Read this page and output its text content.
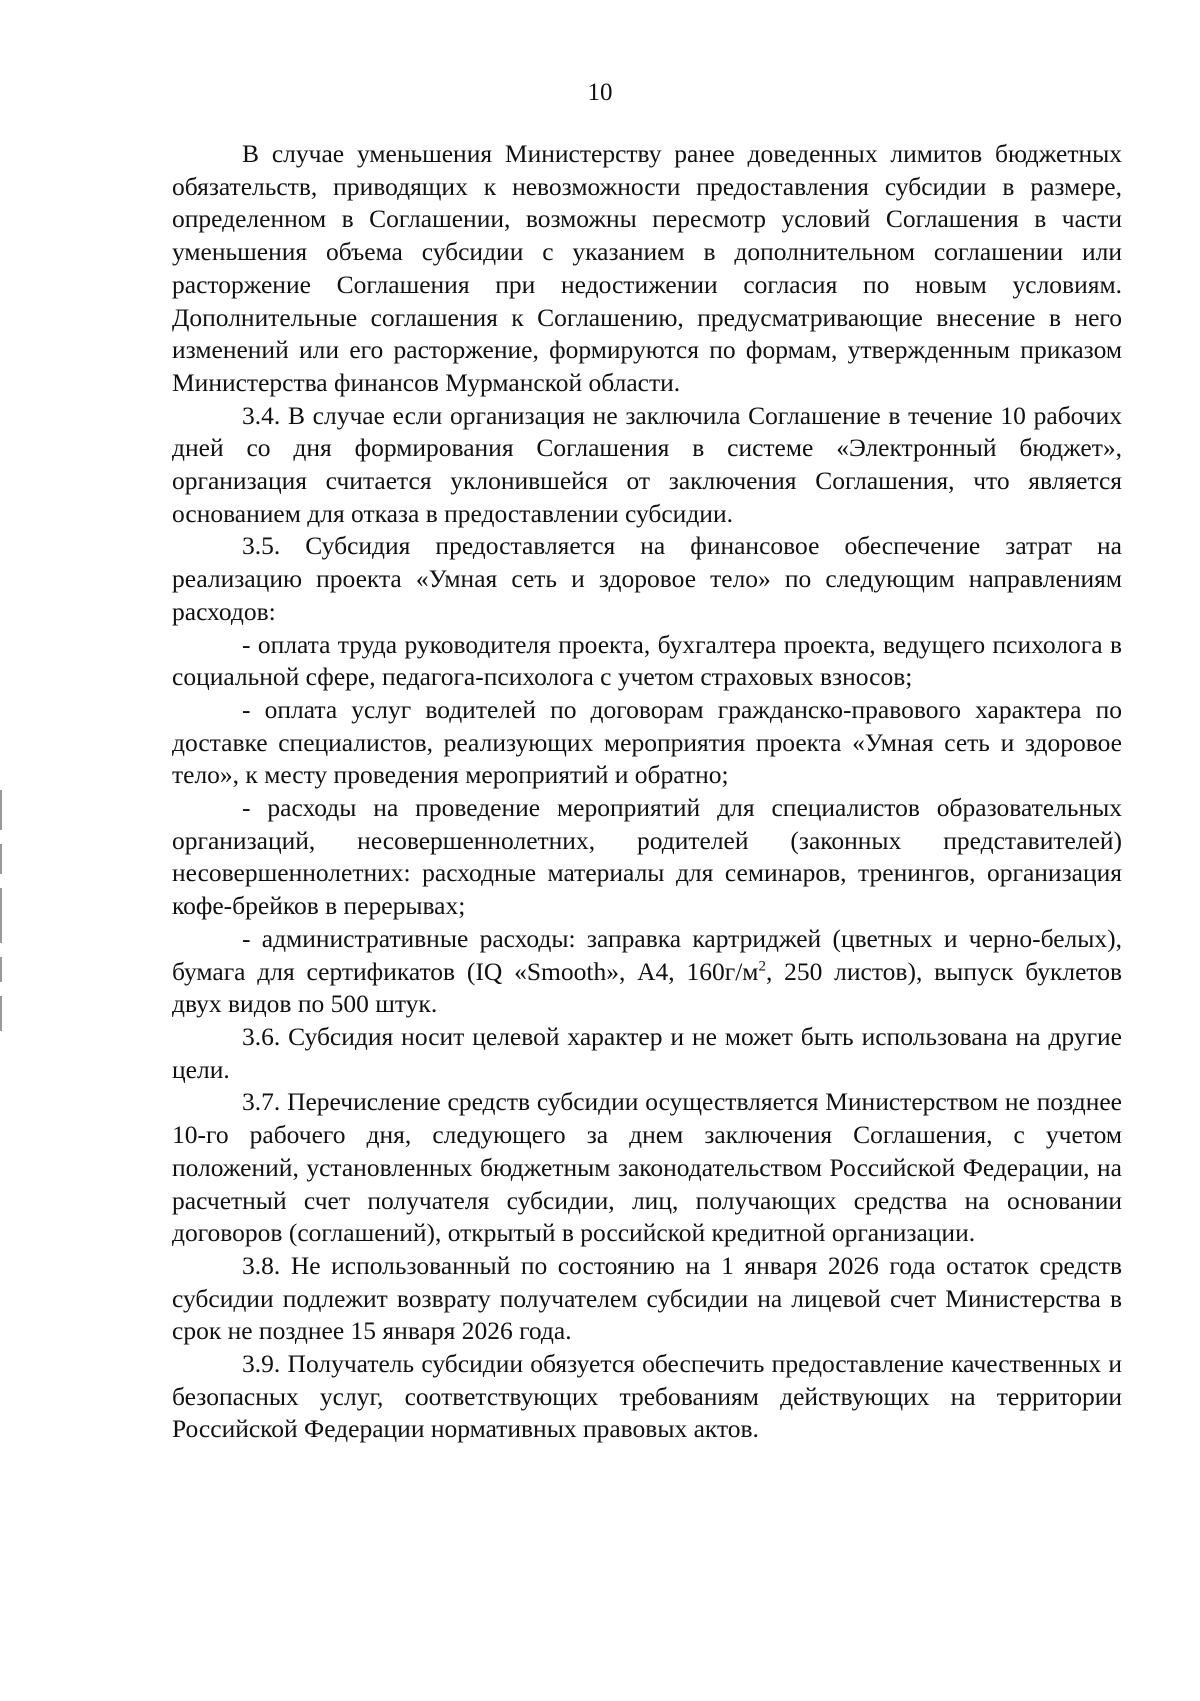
10

В случае уменьшения Министерству ранее доведенных лимитов бюджетных обязательств, приводящих к невозможности предоставления субсидии в размере, определенном в Соглашении, возможны пересмотр условий Соглашения в части уменьшения объема субсидии с указанием в дополнительном соглашении или расторжение Соглашения при недостижении согласия по новым условиям. Дополнительные соглашения к Соглашению, предусматривающие внесение в него изменений или его расторжение, формируются по формам, утвержденным приказом Министерства финансов Мурманской области.

3.4. В случае если организация не заключила Соглашение в течение 10 рабочих дней со дня формирования Соглашения в системе «Электронный бюджет», организация считается уклонившейся от заключения Соглашения, что является основанием для отказа в предоставлении субсидии.

3.5. Субсидия предоставляется на финансовое обеспечение затрат на реализацию проекта «Умная сеть и здоровое тело» по следующим направлениям расходов:

- оплата труда руководителя проекта, бухгалтера проекта, ведущего психолога в социальной сфере, педагога-психолога с учетом страховых взносов;

- оплата услуг водителей по договорам гражданско-правового характера по доставке специалистов, реализующих мероприятия проекта «Умная сеть и здоровое тело», к месту проведения мероприятий и обратно;

- расходы на проведение мероприятий для специалистов образовательных организаций, несовершеннолетних, родителей (законных представителей) несовершеннолетних: расходные материалы для семинаров, тренингов, организация кофе-брейков в перерывах;

- административные расходы: заправка картриджей (цветных и черно-белых), бумага для сертификатов (IQ «Smooth», А4, $160г/м^2$, 250 листов), выпуск буклетов двух видов по 500 штук.

3.6. Субсидия носит целевой характер и не может быть использована на другие цели.

3.7. Перечисление средств субсидии осуществляется Министерством не позднее 10-го рабочего дня, следующего за днем заключения Соглашения, с учетом положений, установленных бюджетным законодательством Российской Федерации, на расчетный счет получателя субсидии, лиц, получающих средства на основании договоров (соглашений), открытый в российской кредитной организации.

3.8. Не использованный по состоянию на 1 января 2026 года остаток средств субсидии подлежит возврату получателем субсидии на лицевой счет Министерства в срок не позднее 15 января 2026 года.

3.9. Получатель субсидии обязуется обеспечить предоставление качественных и безопасных услуг, соответствующих требованиям действующих на территории Российской Федерации нормативных правовых актов.
